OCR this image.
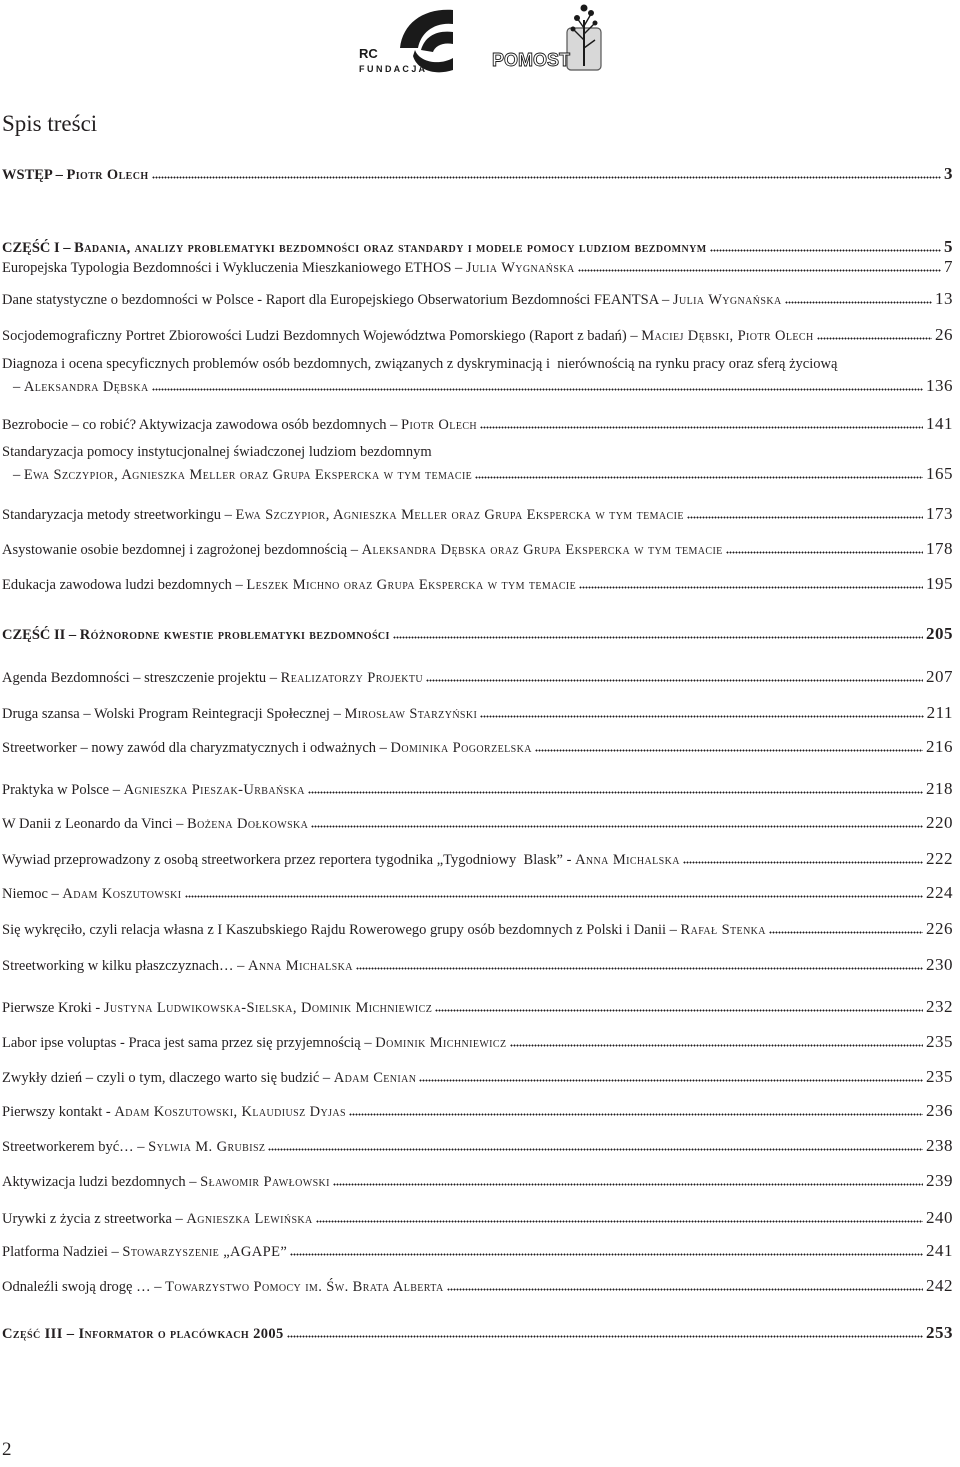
RC
F U N D A C J A	POMOST
Spis treści
WSTĘP – Piotr Olech	3
CZĘŚĆ I – Badania, analizy problematyki bezdomności oraz standardy i modele pomocy ludziom bezdomnym	5
Europejska Typologia Bezdomności i Wykluczenia Mieszkaniowego ETHOS – Julia Wygnańska	7
Dane statystyczne o bezdomności w Polsce - Raport dla Europejskiego Obserwatorium Bezdomności FEANTSA – Julia Wygnańska	13
Socjodemograficzny Portret Zbiorowości Ludzi Bezdomnych Województwa Pomorskiego (Raport z badań) – Maciej Dębski, Piotr Olech	26
Diagnoza i ocena specyficznych problemów osób bezdomnych, związanych z dyskryminacją i  nierównością na rynku pracy oraz sferą życiową
– Aleksandra Dębska	136
Bezrobocie – co robić? Aktywizacja zawodowa osób bezdomnych – Piotr Olech	141
Standaryzacja pomocy instytucjonalnej świadczonej ludziom bezdomnym
– Ewa Szczypior, Agnieszka Meller oraz Grupa Ekspercka w tym temacie	165
Standaryzacja metody streetworkingu – Ewa Szczypior, Agnieszka Meller oraz Grupa Ekspercka w tym temacie	173
Asystowanie osobie bezdomnej i zagrożonej bezdomnością – Aleksandra Dębska oraz Grupa Ekspercka w tym temacie	178
Edukacja zawodowa ludzi bezdomnych – Leszek Michno oraz Grupa Ekspercka w tym temacie	195
CZĘŚĆ II – Różnorodne kwestie problematyki bezdomności	205
Agenda Bezdomności – streszczenie projektu – Realizatorzy Projektu	207
Druga szansa – Wolski Program Reintegracji Społecznej – Mirosław Starzyński	211
Streetworker – nowy zawód dla charyzmatycznych i odważnych – Dominika Pogorzelska	216
Praktyka w Polsce – Agnieszka Pieszak-Urbańska	218
W Danii z Leonardo da Vinci – Bożena Dołkowska	220
Wywiad przeprowadzony z osobą streetworkera przez reportera tygodnika „Tygodniowy  Blask” - Anna Michalska	222
Niemoc – Adam Koszutowski	224
Się wykręciło, czyli relacja własna z I Kaszubskiego Rajdu Rowerowego grupy osób bezdomnych z Polski i Danii – Rafał Stenka	226
Streetworking w kilku płaszczyznach… – Anna Michalska	230
Pierwsze Kroki - Justyna Ludwikowska-Sielska, Dominik Michniewicz	232
Labor ipse voluptas - Praca jest sama przez się przyjemnością – Dominik Michniewicz	235
Zwykły dzień – czyli o tym, dlaczego warto się budzić – Adam Cenian	235
Pierwszy kontakt - Adam Koszutowski, Klaudiusz Dyjas	236
Streetworkerem być… – Sylwia M. Grubisz	238
Aktywizacja ludzi bezdomnych – Sławomir Pawłowski	239
Urywki z życia z streetworka – Agnieszka Lewińska	240
Platforma Nadziei – Stowarzyszenie „AGAPE”	241
Odnaleźli swoją drogę … – Towarzystwo Pomocy im. Św. Brata Alberta	242
Część III – Informator o placówkach 2005	253
2
